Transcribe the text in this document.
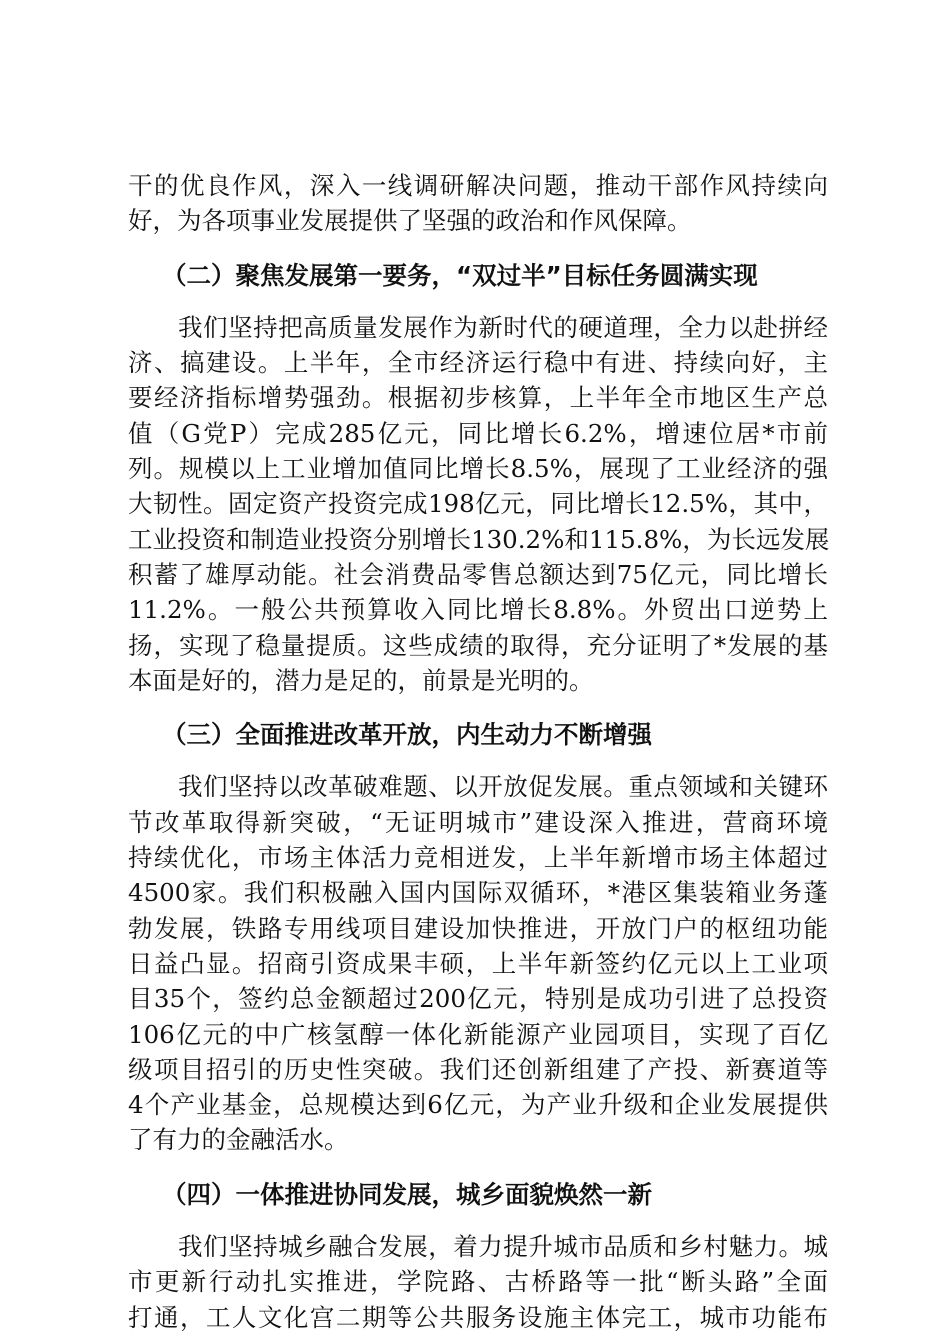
干的优良作风，深入一线调研解决问题，推动干部作风持续向
好，为各项事业发展提供了坚强的政治和作风保障。
（二）聚焦发展第一要务，“双过半”目标任务圆满实现
　　我们坚持把高质量发展作为新时代的硬道理，全力以赴拼经
济、搞建设。上半年，全市经济运行稳中有进、持续向好，主
要经济指标增势强劲。根据初步核算，上半年全市地区生产总
值（G党P）完成285亿元，同比增长6.2%，增速位居*市前
列。规模以上工业增加值同比增长8.5%，展现了工业经济的强
大韧性。固定资产投资完成198亿元，同比增长12.5%，其中，
工业投资和制造业投资分别增长130.2%和115.8%，为长远发展
积蓄了雄厚动能。社会消费品零售总额达到75亿元，同比增长
11.2%。一般公共预算收入同比增长8.8%。外贸出口逆势上
扬，实现了稳量提质。这些成绩的取得，充分证明了*发展的基
本面是好的，潜力是足的，前景是光明的。
（三）全面推进改革开放，内生动力不断增强
　　我们坚持以改革破难题、以开放促发展。重点领域和关键环
节改革取得新突破，“无证明城市”建设深入推进，营商环境
持续优化，市场主体活力竞相迸发，上半年新增市场主体超过
4500家。我们积极融入国内国际双循环，*港区集装箱业务蓬
勃发展，铁路专用线项目建设加快推进，开放门户的枢纽功能
日益凸显。招商引资成果丰硕，上半年新签约亿元以上工业项
目35个，签约总金额超过200亿元，特别是成功引进了总投资
106亿元的中广核氢醇一体化新能源产业园项目，实现了百亿
级项目招引的历史性突破。我们还创新组建了产投、新赛道等
4个产业基金，总规模达到6亿元，为产业升级和企业发展提供
了有力的金融活水。
（四）一体推进协同发展，城乡面貌焕然一新
　　我们坚持城乡融合发展，着力提升城市品质和乡村魅力。城
市更新行动扎实推进，学院路、古桥路等一批“断头路”全面
打通，工人文化宫二期等公共服务设施主体完工，城市功能布
